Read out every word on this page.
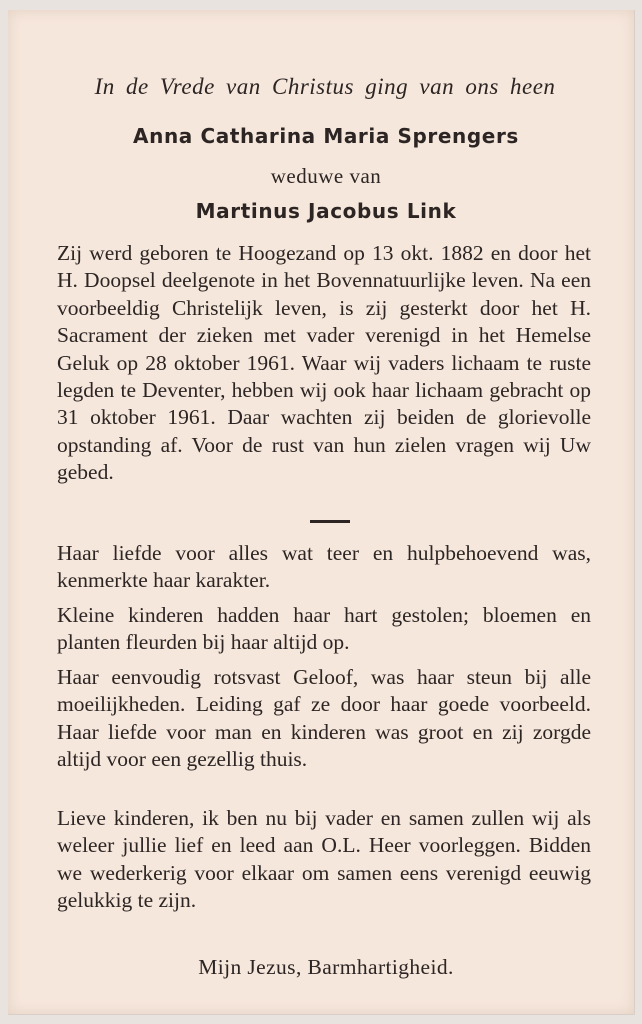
In de Vrede van Christus ging van ons heen
Anna Catharina Maria Sprengers
weduwe van
Martinus Jacobus Link
Zij werd geboren te Hoogezand op 13 okt. 1882 en door het H. Doopsel deelgenote in het Bovennatuurlijke leven. Na een voorbeeldig Christelijk leven, is zij gesterkt door het H. Sacrament der zieken met vader verenigd in het Hemelse Geluk op 28 oktober 1961. Waar wij vaders lichaam te ruste legden te Deventer, hebben wij ook haar lichaam gebracht op 31 oktober 1961. Daar wachten zij beiden de glorievolle opstanding af. Voor de rust van hun zielen vragen wij Uw gebed.
Haar liefde voor alles wat teer en hulpbehoevend was, kenmerkte haar karakter.
Kleine kinderen hadden haar hart gestolen; bloemen en planten fleurden bij haar altijd op.
Haar eenvoudig rotsvast Geloof, was haar steun bij alle moeilijkheden. Leiding gaf ze door haar goede voorbeeld. Haar liefde voor man en kinderen was groot en zij zorgde altijd voor een gezellig thuis.
Lieve kinderen, ik ben nu bij vader en samen zullen wij als weleer jullie lief en leed aan O.L. Heer voorleggen. Bidden we wederkerig voor elkaar om samen eens verenigd eeuwig gelukkig te zijn.
Mijn Jezus, Barmhartigheid.
